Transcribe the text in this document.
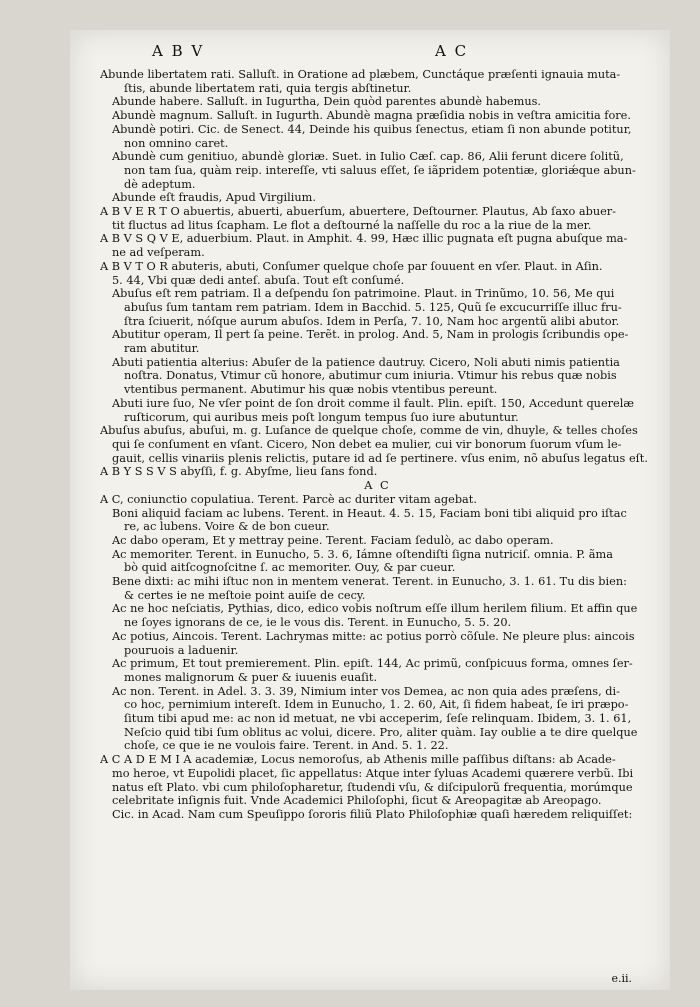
A B V	A C
Abunde libertatem rati. Salluſt. in Oratione ad plæbem, Cunctáque præſenti ignauia muta-
ſtis, abunde libertatem rati, quia tergis abſtinetur.
Abunde habere. Salluſt. in Iugurtha, Dein quòd parentes abundè habemus.
Abundè magnum. Salluſt. in Iugurth. Abundè magna præſidia nobis in veſtra amicitia fore.
Abundè potiri. Cic. de Senect. 44, Deinde his quibus ſenectus, etiam ſi non abunde potitur,
non omnino caret.
Abundè cum genitiuo, abundè gloriæ. Suet. in Iulio Cæſ. cap. 86, Alii ferunt dicere ſolitũ,
non tam ſua, quàm reip. intereſſe, vti saluus eſſet, ſe iãpridem potentiæ, gloriǽque abun-
dè adeptum.
Abunde eſt fraudis, Apud Virgilium.
A B V E R T O abuertis, abuerti, abuerſum, abuertere, Deſtourner. Plautus, Ab ſaxo abuer-
tit fluctus ad litus ſcapham. Le flot a deſtourné la naſſelle du roc a la riue de la mer.
A B V S Q V E, aduerbium. Plaut. in Amphit. 4. 99, Hæc illic pugnata eſt pugna abuſque ma-
ne ad veſperam.
A B V T O R abuteris, abuti, Conſumer quelque choſe par ſouuent en vſer. Plaut. in Aſin.
5. 44, Vbi quæ dedi anteſ. abuſa. Tout eſt conſumé.
Abuſus eſt rem patriam. Il a deſpendu ſon patrimoine. Plaut. in Trinũmo, 10. 56, Me qui
abuſus ſum tantam rem patriam. Idem in Bacchid. 5. 125, Quũ ſe excucurriſſe illuc fru-
ſtra ſciuerit, nóſque aurum abuſos. Idem in Perſa, 7. 10, Nam hoc argentũ alibi abutor.
Abutitur operam, Il pert ſa peine. Terẽt. in prolog. And. 5, Nam in prologis ſcribundis ope-
ram abutitur.
Abuti patientia alterius: Abuſer de la patience dautruy. Cicero, Noli abuti nimis patientia
noſtra. Donatus, Vtimur cũ honore, abutimur cum iniuria. Vtimur his rebus quæ nobis
vtentibus permanent. Abutimur his quæ nobis vtentibus pereunt.
Abuti iure ſuo, Ne vſer point de ſon droit comme il fault. Plin. epiſt. 150, Accedunt querelæ
ruſticorum, qui auribus meis poſt longum tempus ſuo iure abutuntur.
Abuſus abuſus, abuſui, m. g. Luſance de quelque choſe, comme de vin, dhuyle, & telles choſes
qui ſe conſument en vſant. Cicero, Non debet ea mulier, cui vir bonorum ſuorum vſum le-
gauit, cellis vinariis plenis relictis, putare id ad ſe pertinere. vſus enim, nõ abuſus legatus eſt.
A B Y S S V S abyſſi, f. g. Abyſme, lieu ſans fond.
A C
A C, coniunctio copulatiua. Terent. Parcè ac duriter vitam agebat.
Boni aliquid faciam ac lubens. Terent. in Heaut. 4. 5. 15, Faciam boni tibi aliquid pro iſtac
re, ac lubens. Voire & de bon cueur.
Ac dabo operam, Et y mettray peine. Terent. Faciam ſedulò, ac dabo operam.
Ac memoriter. Terent. in Eunucho, 5. 3. 6, Iámne oſtendiſti ſigna nutriciſ. omnia. P. ãma
bò quid aitſcognoſcitne ſ. ac memoriter. Ouy, & par cueur.
Bene dixti: ac mihi iſtuc non in mentem venerat. Terent. in Eunucho, 3. 1. 61. Tu dis bien:
& certes ie ne meſtoie point auiſe de cecy.
Ac ne hoc neſciatis, Pythias, dico, edico vobis noſtrum eſſe illum herilem filium. Et affin que
ne ſoyes ignorans de ce, ie le vous dis. Terent. in Eunucho, 5. 5. 20.
Ac potius, Aincois. Terent. Lachrymas mitte: ac potius porrò cõſule. Ne pleure plus: aincois
pouruois a laduenir.
Ac primum, Et tout premierement. Plin. epiſt. 144, Ac primũ, conſpicuus forma, omnes ſer-
mones malignorum & puer & iuuenis euaſit.
Ac non. Terent. in Adel. 3. 3. 39, Nimium inter vos Demea, ac non quia ades præſens, di-
co hoc, pernimium intereſt. Idem in Eunucho, 1. 2. 60, Ait, ſi fidem habeat, ſe iri præpo-
ſitum tibi apud me: ac non id metuat, ne vbi acceperim, ſeſe relinquam. Ibidem, 3. 1. 61,
Neſcio quid tibi ſum oblitus ac volui, dicere. Pro, aliter quàm. Iay oublie a te dire quelque
choſe, ce que ie ne voulois faire. Terent. in And. 5. 1. 22.
A C A D E M I A academiæ, Locus nemoroſus, ab Athenis mille paſſibus diſtans: ab Acade-
mo heroe, vt Eupolidi placet, ſic appellatus: Atque inter ſyluas Academi quærere verbũ. Ibi
natus eſt Plato. vbi cum philoſopharetur, ſtudendi vſu, & diſcipulorũ frequentia, morúmque
celebritate inſignis fuit. Vnde Academici Philoſophi, ſicut & Areopagitæ ab Areopago.
Cic. in Acad. Nam cum Speuſippo ſororis filiũ Plato Philoſophiæ quaſi hæredem reliquiſſet:
e.ii.
